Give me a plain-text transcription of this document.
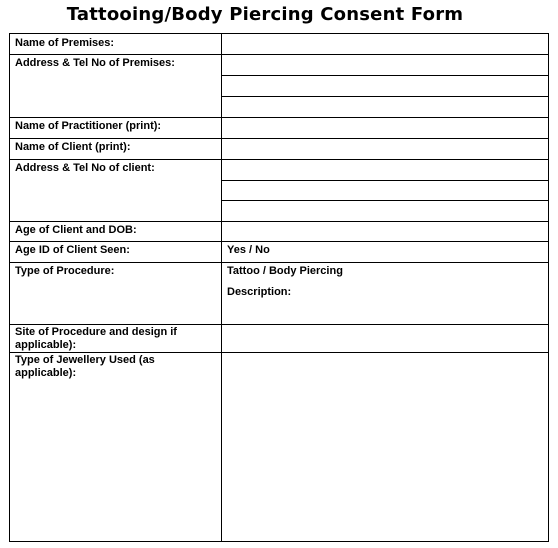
Tattooing/Body Piercing Consent Form
Name of Premises:
Address & Tel No of Premises:
Name of Practitioner (print):
Name of Client (print):
Address & Tel No of client:
Age of Client and DOB:
Age ID of Client Seen:
Type of Procedure:
Site of Procedure and design if
applicable):
Type of Jewellery Used (as
applicable):
Yes / No
Tattoo / Body Piercing
Description:
